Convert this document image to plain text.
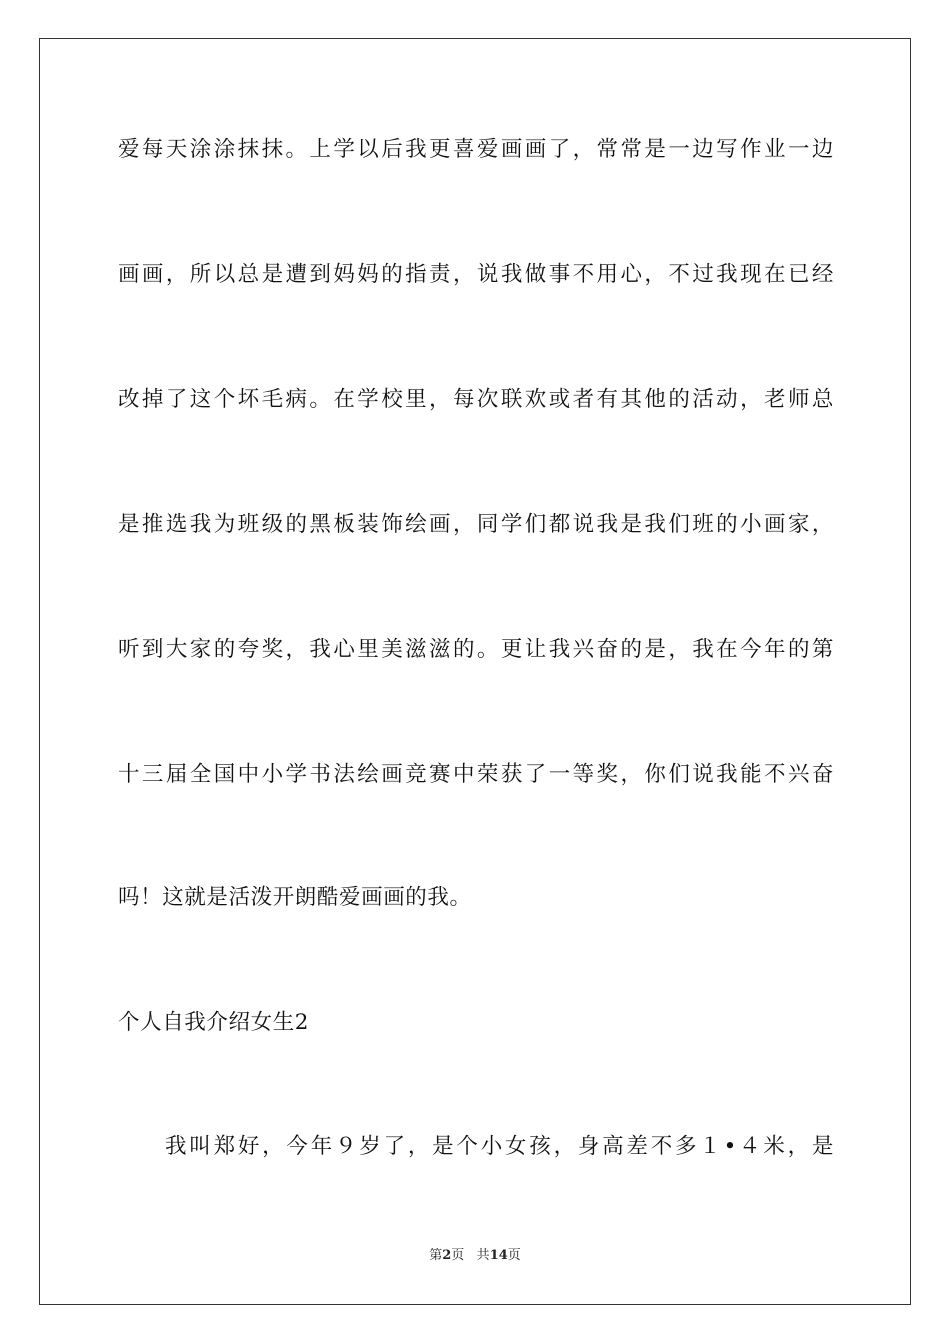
爱每天涂涂抹抹。上学以后我更喜爱画画了，常常是一边写作业一边
画画，所以总是遭到妈妈的指责，说我做事不用心，不过我现在已经
改掉了这个坏毛病。在学校里，每次联欢或者有其他的活动，老师总
是推选我为班级的黑板装饰绘画，同学们都说我是我们班的小画家，
听到大家的夸奖，我心里美滋滋的。更让我兴奋的是，我在今年的第
十三届全国中小学书法绘画竞赛中荣获了一等奖，你们说我能不兴奋
吗！这就是活泼开朗酷爱画画的我。
个人自我介绍女生2
我叫郑好，今年９岁了，是个小女孩，身高差不多１•４米，是
第2页 共14页
